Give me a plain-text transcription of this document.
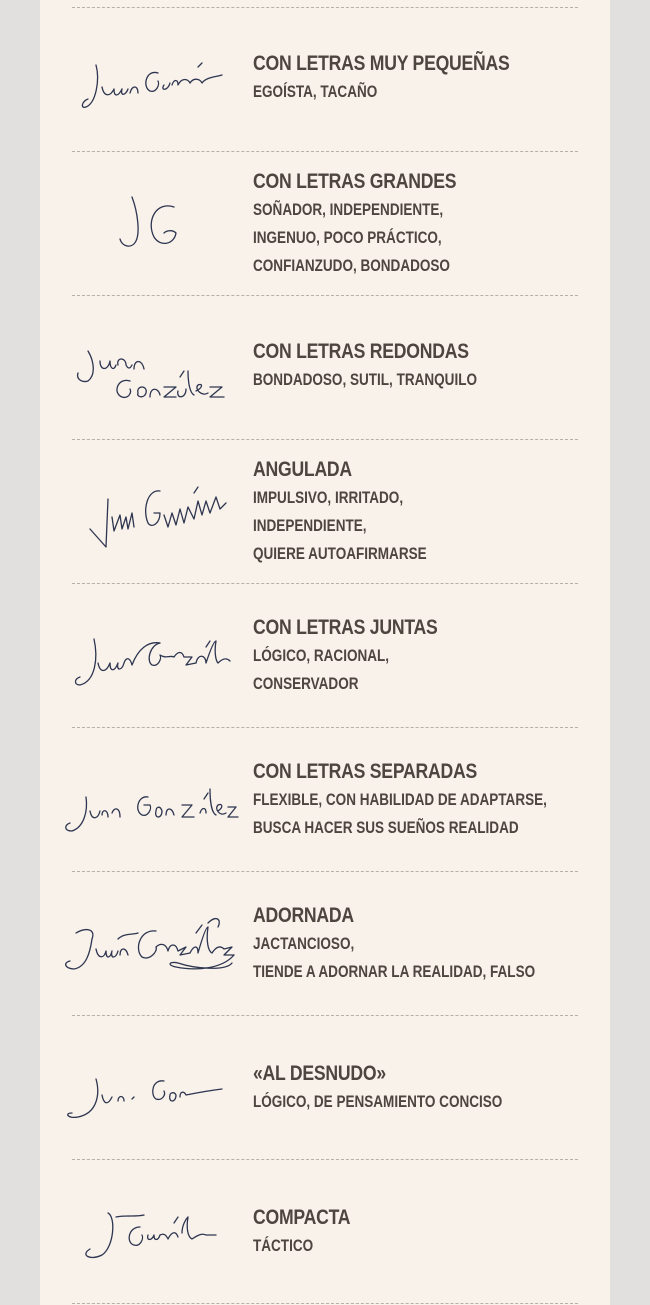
CON LETRAS MUY PEQUEÑAS
EGOÍSTA, TACAÑO
CON LETRAS GRANDES
SOÑADOR, INDEPENDIENTE,
INGENUO, POCO PRÁCTICO,
CONFIANZUDO, BONDADOSO
CON LETRAS REDONDAS
BONDADOSO, SUTIL, TRANQUILO
ANGULADA
IMPULSIVO, IRRITADO,
INDEPENDIENTE,
QUIERE AUTOAFIRMARSE
CON LETRAS JUNTAS
LÓGICO, RACIONAL,
CONSERVADOR
CON LETRAS SEPARADAS
FLEXIBLE, CON HABILIDAD DE ADAPTARSE,
BUSCA HACER SUS SUEÑOS REALIDAD
ADORNADA
JACTANCIOSO,
TIENDE A ADORNAR LA REALIDAD, FALSO
«AL DESNUDO»
LÓGICO, DE PENSAMIENTO CONCISO
COMPACTA
TÁCTICO
